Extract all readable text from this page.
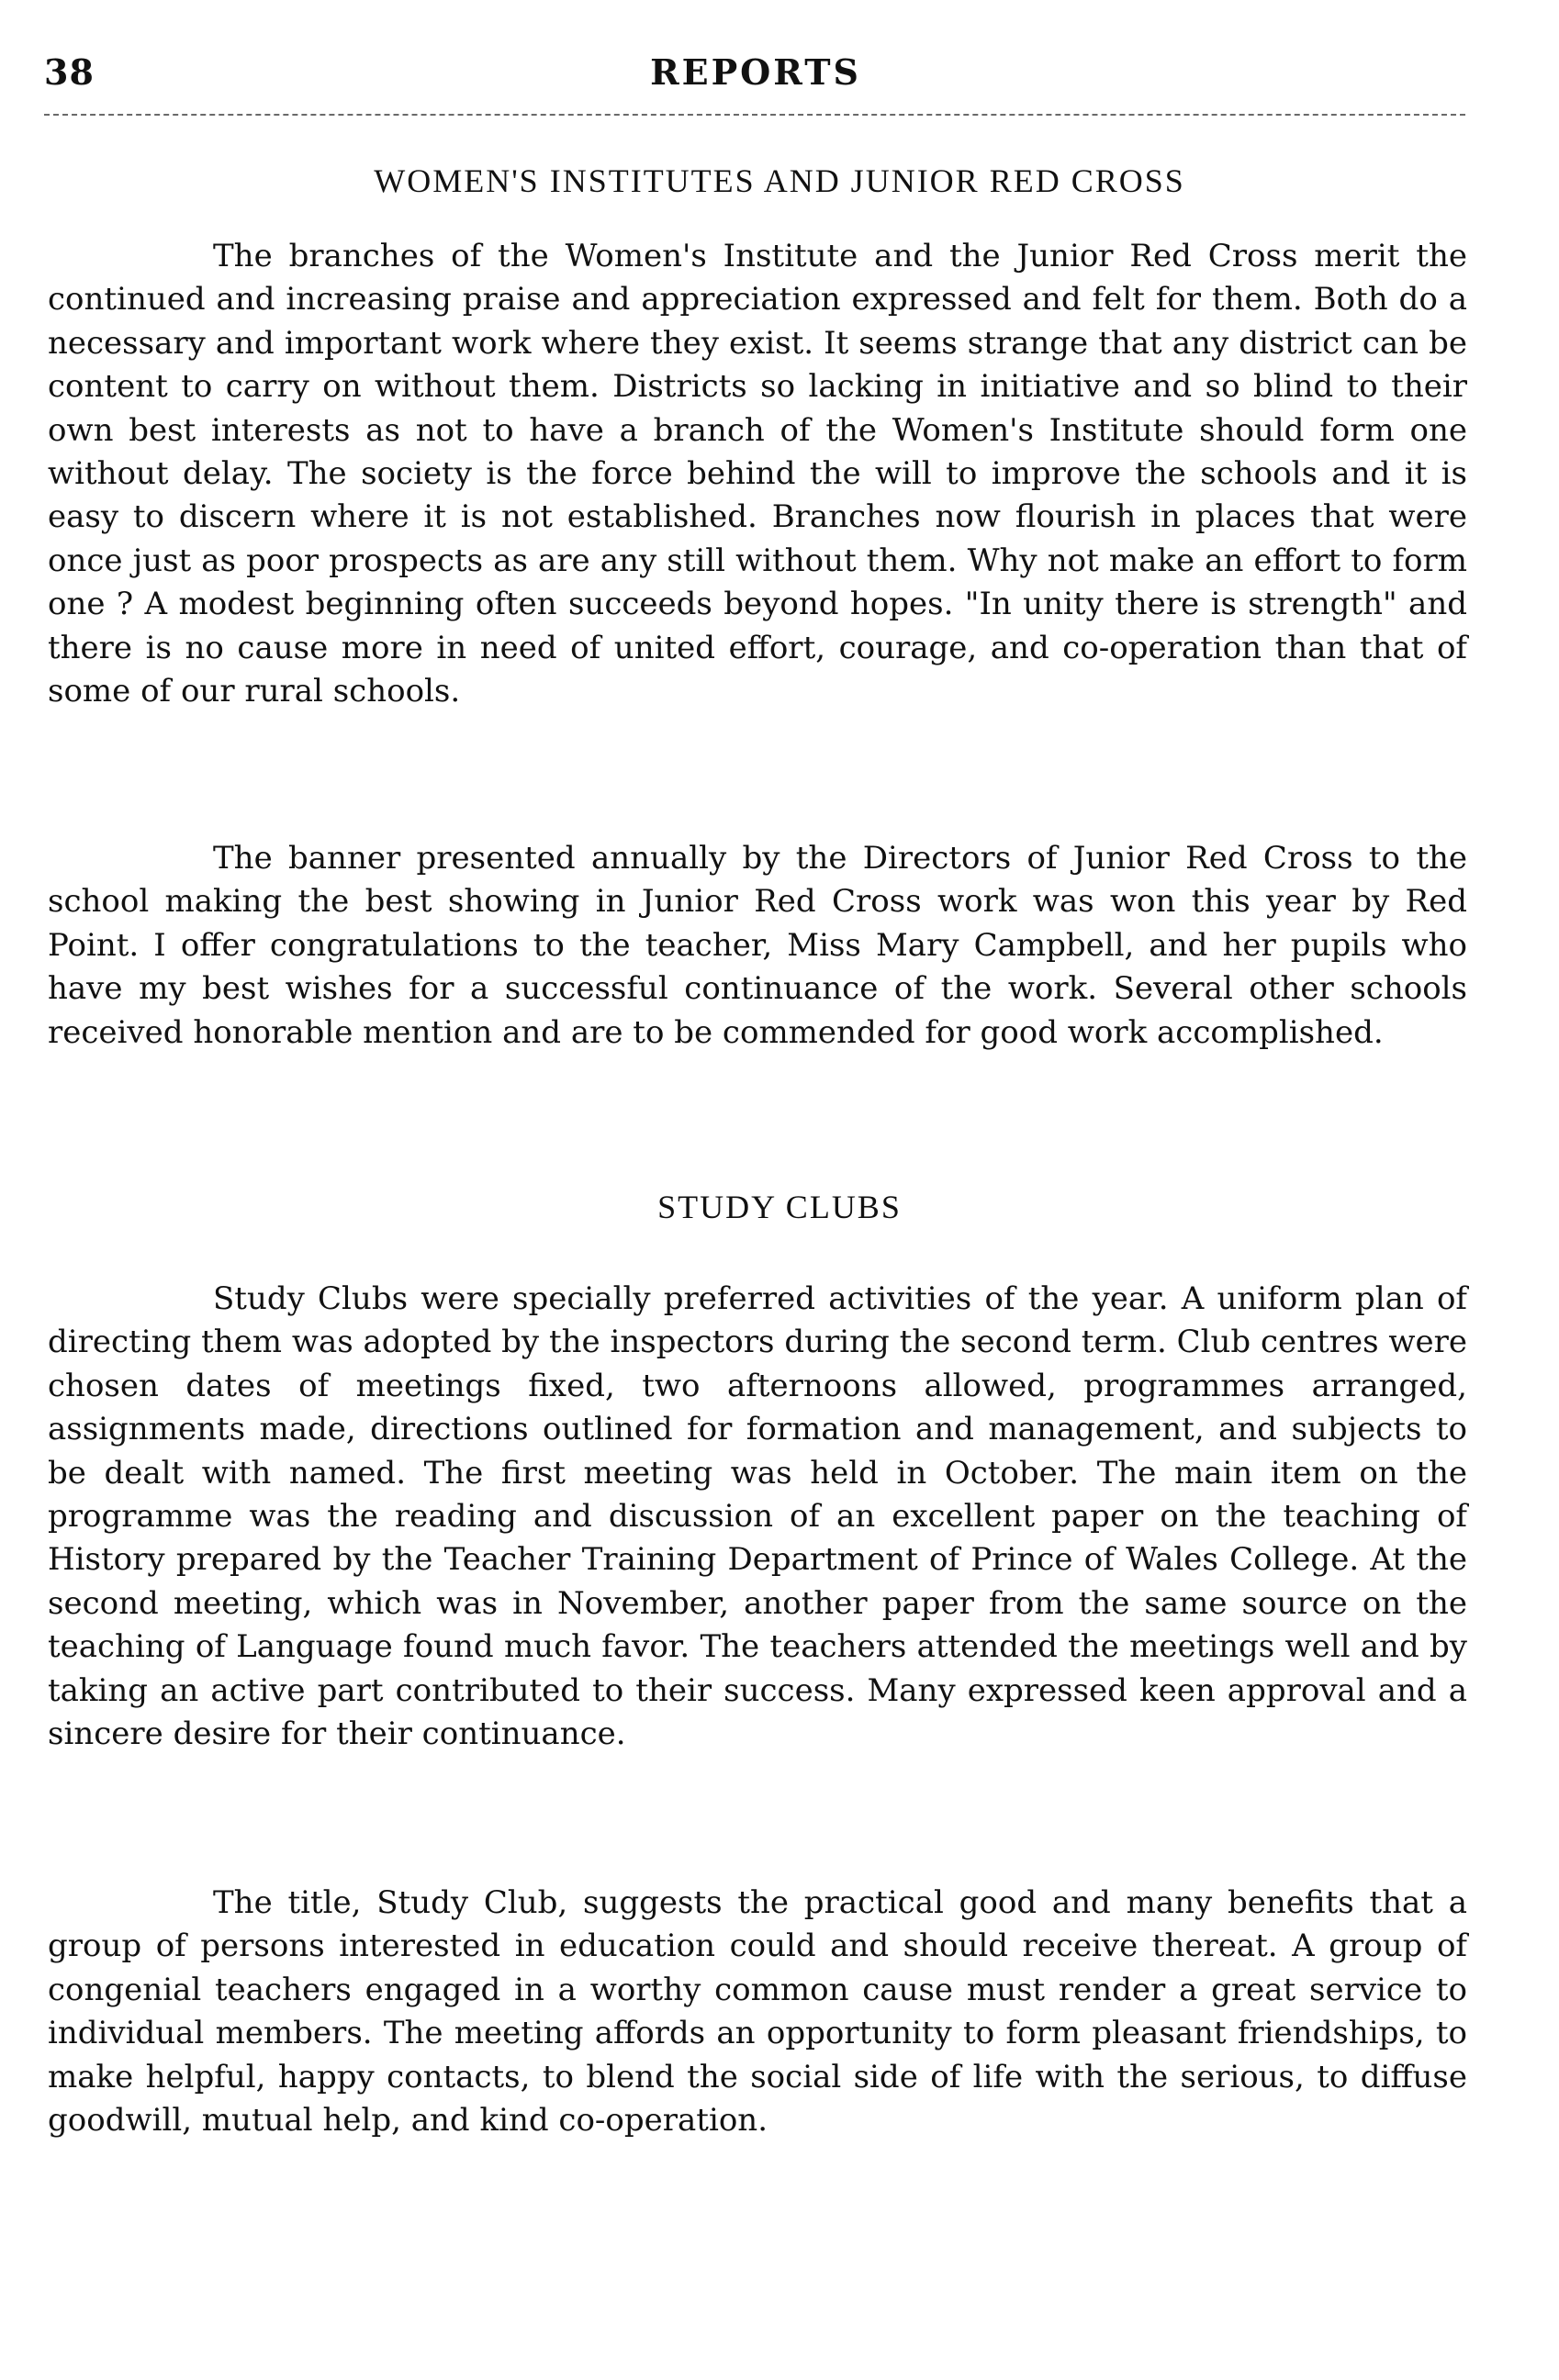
38	REPORTS
WOMEN'S INSTITUTES AND JUNIOR RED CROSS

The branches of the Women's Institute and the Junior Red Cross merit the continued and increasing praise and appreciation expressed and felt for them. Both do a necessary and important work where they exist. It seems strange that any district can be content to carry on without them. Districts so lacking in initiative and so blind to their own best interests as not to have a branch of the Women's Institute should form one without delay. The society is the force behind the will to improve the schools and it is easy to discern where it is not established. Branches now flourish in places that were once just as poor prospects as are any still without them. Why not make an effort to form one ? A modest beginning often succeeds beyond hopes. "In unity there is strength" and there is no cause more in need of united effort, courage, and co-operation than that of some of our rural schools.

The banner presented annually by the Directors of Junior Red Cross to the school making the best showing in Junior Red Cross work was won this year by Red Point. I offer congratulations to the teacher, Miss Mary Campbell, and her pupils who have my best wishes for a successful continuance of the work. Several other schools received honorable mention and are to be commended for good work accomplished.

STUDY CLUBS

Study Clubs were specially preferred activities of the year. A uniform plan of directing them was adopted by the inspectors during the second term. Club centres were chosen dates of meetings fixed, two afternoons allowed, programmes arranged, assignments made, directions outlined for formation and management, and subjects to be dealt with named. The first meeting was held in October. The main item on the programme was the reading and discussion of an excellent paper on the teaching of History prepared by the Teacher Training Department of Prince of Wales College. At the second meeting, which was in November, another paper from the same source on the teaching of Language found much favor. The teachers attended the meetings well and by taking an active part contributed to their success. Many expressed keen approval and a sincere desire for their continuance.

The title, Study Club, suggests the practical good and many benefits that a group of persons interested in education could and should receive thereat. A group of congenial teachers engaged in a worthy common cause must render a great service to individual members. The meeting affords an opportunity to form pleasant friendships, to make helpful, happy contacts, to blend the social side of life with the serious, to diffuse goodwill, mutual help, and kind co-operation.
